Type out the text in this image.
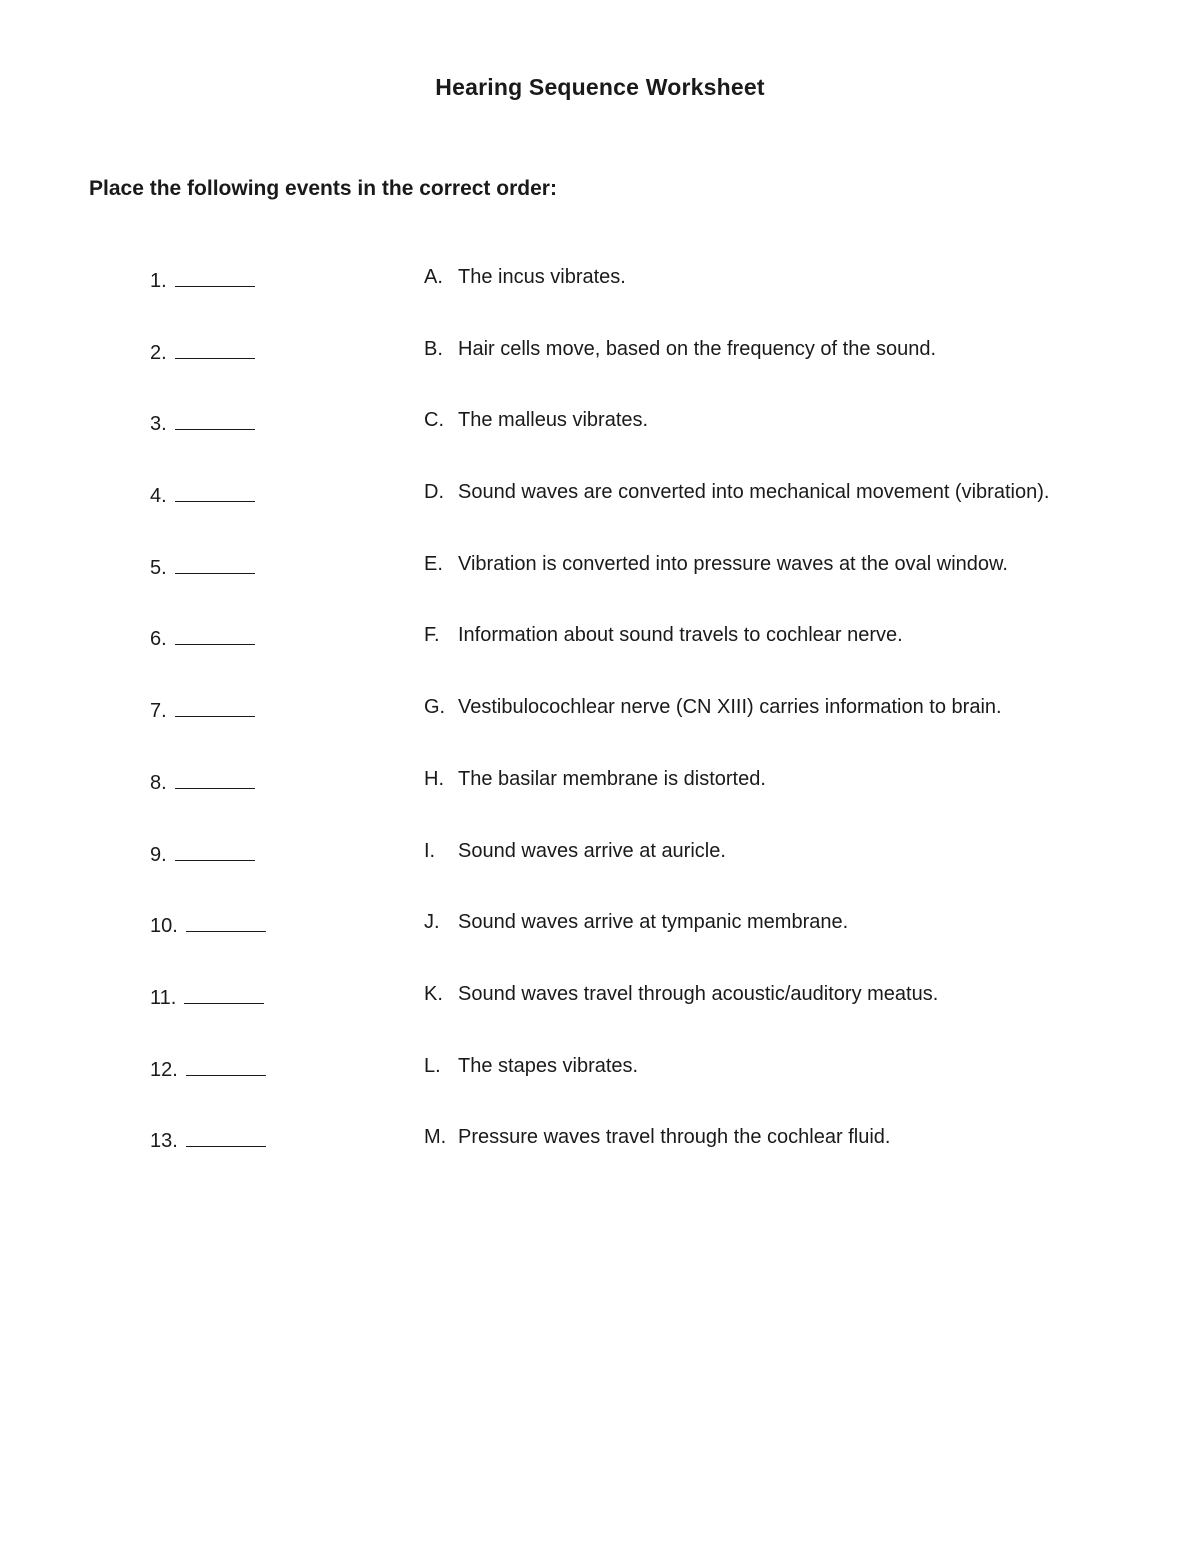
Hearing Sequence Worksheet
Place the following events in the correct order:
1.	A. The incus vibrates.
2.	B. Hair cells move, based on the frequency of the sound.
3.	C. The malleus vibrates.
4.	D. Sound waves are converted into mechanical movement (vibration).
5.	E. Vibration is converted into pressure waves at the oval window.
6.	F. Information about sound travels to cochlear nerve.
7.	G. Vestibulocochlear nerve (CN XIII) carries information to brain.
8.	H. The basilar membrane is distorted.
9.	I. Sound waves arrive at auricle.
10.	J. Sound waves arrive at tympanic membrane.
11.	K. Sound waves travel through acoustic/auditory meatus.
12.	L. The stapes vibrates.
13.	M. Pressure waves travel through the cochlear fluid.
